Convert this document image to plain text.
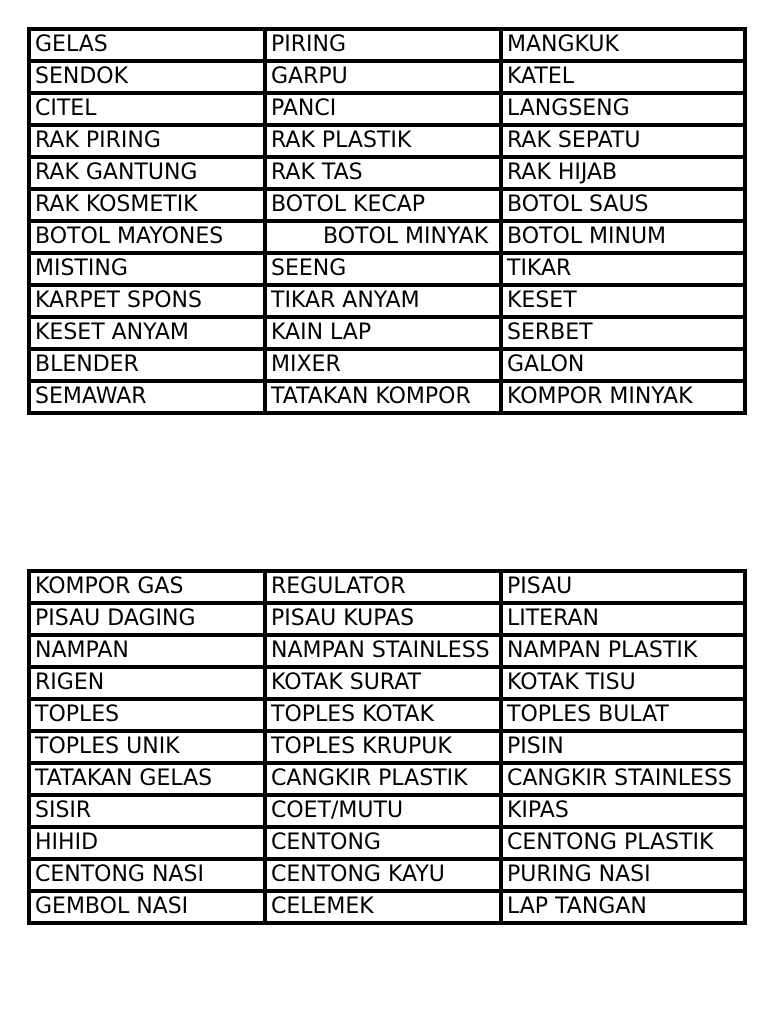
GELAS	PIRING	MANGKUK
SENDOK	GARPU	KATEL
CITEL	PANCI	LANGSENG
RAK PIRING	RAK PLASTIK	RAK SEPATU
RAK GANTUNG	RAK TAS	RAK HIJAB
RAK KOSMETIK	BOTOL KECAP	BOTOL SAUS
BOTOL MAYONES	BOTOL MINYAK	BOTOL MINUM
MISTING	SEENG	TIKAR
KARPET SPONS	TIKAR ANYAM	KESET
KESET ANYAM	KAIN LAP	SERBET
BLENDER	MIXER	GALON
SEMAWAR	TATAKAN KOMPOR	KOMPOR MINYAK
KOMPOR GAS	REGULATOR	PISAU
PISAU DAGING	PISAU KUPAS	LITERAN
NAMPAN	NAMPAN STAINLESS	NAMPAN PLASTIK
RIGEN	KOTAK SURAT	KOTAK TISU
TOPLES	TOPLES KOTAK	TOPLES BULAT
TOPLES UNIK	TOPLES KRUPUK	PISIN
TATAKAN GELAS	CANGKIR PLASTIK	CANGKIR STAINLESS
SISIR	COET/MUTU	KIPAS
HIHID	CENTONG	CENTONG PLASTIK
CENTONG NASI	CENTONG KAYU	PURING NASI
GEMBOL NASI	CELEMEK	LAP TANGAN
